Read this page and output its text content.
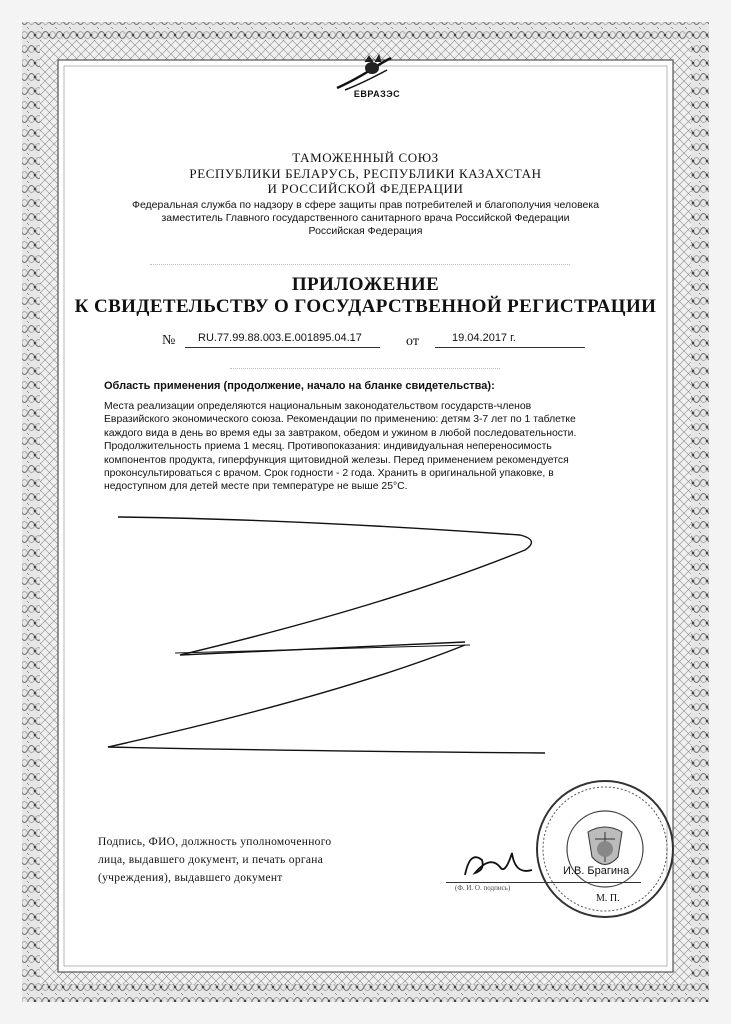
ЕВРАЗЭС
ТАМОЖЕННЫЙ СОЮЗ
РЕСПУБЛИКИ БЕЛАРУСЬ, РЕСПУБЛИКИ КАЗАХСТАН
И РОССИЙСКОЙ ФЕДЕРАЦИИ
Федеральная служба по надзору в сфере защиты прав потребителей и благополучия человека
заместитель Главного государственного санитарного врача Российской Федерации
Российская Федерация
ПРИЛОЖЕНИЕ
К СВИДЕТЕЛЬСТВУ О ГОСУДАРСТВЕННОЙ РЕГИСТРАЦИИ
№ RU.77.99.88.003.E.001895.04.17	от	19.04.2017 г.
Область применения (продолжение, начало на бланке свидетельства):
Места реализации определяются национальным законодательством государств-членов
Евразийского экономического союза. Рекомендации по применению: детям 3-7 лет по 1 таблетке
каждого вида в день во время еды за завтраком, обедом и ужином в любой последовательности.
Продолжительность приема 1 месяц. Противопоказания: индивидуальная непереносимость
компонентов продукта, гиперфункция щитовидной железы. Перед применением рекомендуется
проконсультироваться с врачом. Срок годности - 2 года. Хранить в оригинальной упаковке, в
недоступном для детей месте при температуре не выше 25°С.
Подпись, ФИО, должность уполномоченного
лица, выдавшего документ, и печать органа
(учреждения), выдавшего документ
(Ф. И. О. подпись)
И.В. Брагина
М. П.
